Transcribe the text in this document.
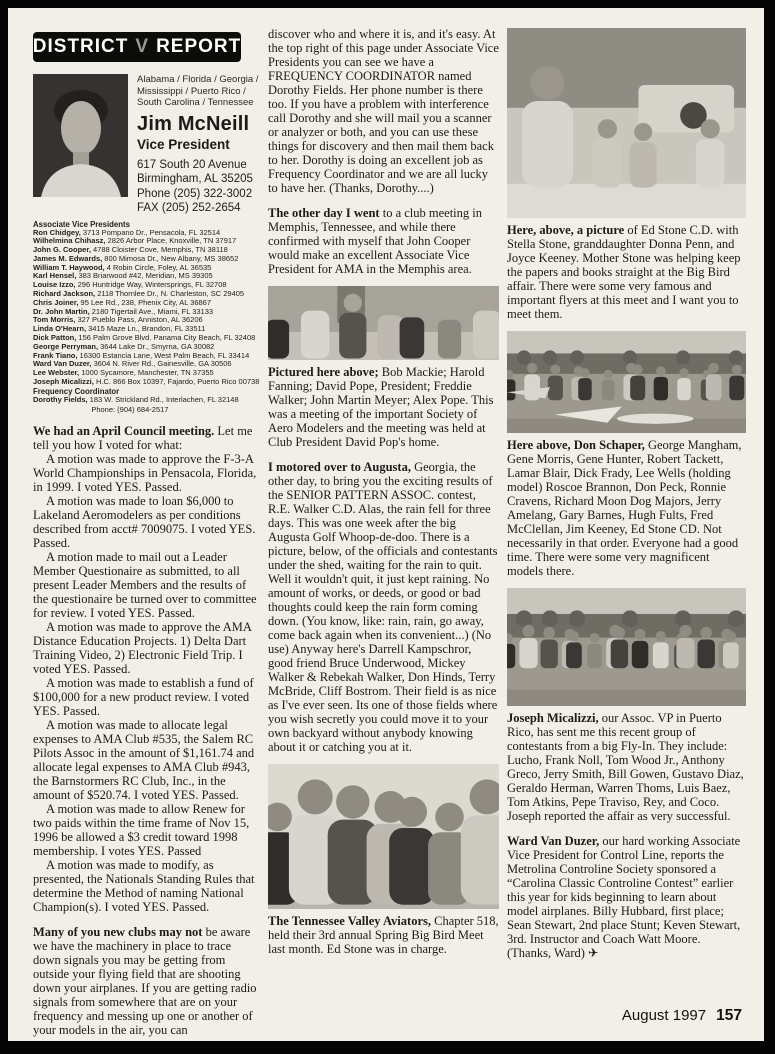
DISTRICT V REPORT
Alabama / Florida / Georgia / Mississippi / Puerto Rico / South Carolina / Tennessee
Jim McNeill
Vice President
617 South 20 Avenue
Birmingham, AL 35205
Phone (205) 322-3002
FAX (205) 252-2654
Associate Vice Presidents
Ron Chidgey, 3713 Pompano Dr., Pensacola, FL 32514
Wilhelmina Chihasz, 2826 Arbor Place, Knoxville, TN 37917
John G. Cooper, 4788 Cloister Cove, Memphis, TN 38118
James M. Edwards, 800 Mimosa Dr., New Albany, MS 38652
William T. Haywood, 4 Robin Circle, Foley, AL 36535
Karl Hensel, 383 Briarwood #42, Meridian, MS 39305
Louise Izzo, 296 Huntridge Way, Wintersprings, FL 32708
Richard Jackson, 2118 Thornlee Dr., N. Charleston, SC 29405
Chris Joiner, 95 Lee Rd., 238, Phenix City, AL 36867
Dr. John Martin, 2180 Tigertail Ave., Miami, FL 33133
Tom Morris, 327 Pueblo Pass, Anniston, AL 36206
Linda O'Hearn, 3415 Maze Ln., Brandon, FL 33511
Dick Patton, 156 Palm Grove Blvd. Panama City Beach, FL 32408
George Perryman, 3644 Lake Dr., Smyrna, GA 30082
Frank Tiano, 16300 Estancia Lane, West Palm Beach, FL 33414
Ward Van Duzer, 3604 N. River Rd., Gainesville, GA 30506
Lee Webster, 1000 Sycamore, Manchester, TN 37355
Joseph Micalizzi, H.C. 866 Box 10397, Fajardo, Puerto Rico 00738
Frequency Coordinator
Dorothy Fields, 183 W. Strickland Rd., Interlachen, FL 32148
Phone: (904) 684-2517

We had an April Council meeting. Let me tell you how I voted for what:

A motion was made to approve the F-3-A World Championships in Pensacola, Florida, in 1999. I voted YES. Passed.

A motion was made to loan $6,000 to Lakeland Aeromodelers as per conditions described from acct# 7009075. I voted YES. Passed.

A motion made to mail out a Leader Member Questionaire as submitted, to all present Leader Members and the results of the questionaire be turned over to committee for review. I voted YES. Passed.

A motion was made to approve the AMA Distance Education Projects. 1) Delta Dart Training Video, 2) Electronic Field Trip. I voted YES. Passed.

A motion was made to establish a fund of $100,000 for a new product review. I voted YES. Passed.

A motion was made to allocate legal expenses to AMA Club #535, the Salem RC Pilots Assoc in the amount of $1,161.74 and allocate legal expenses to AMA Club #943, the Barnstormers RC Club, Inc., in the amount of $520.74. I voted YES. Passed.

A motion was made to allow Renew for two paids within the time frame of Nov 15, 1996 be allowed a $3 credit toward 1998 membership. I votes YES. Passed

A motion was made to modify, as presented, the Nationals Standing Rules that determine the Method of naming National Champion(s). I voted YES. Passed.

Many of you new clubs may not be aware we have the machinery in place to trace down signals you may be getting from outside your flying field that are shooting down your airplanes. If you are getting radio signals from somewhere that are on your frequency and messing up one or another of your models in the air, you can

discover who and where it is, and it's easy. At the top right of this page under Associate Vice Presidents you can see we have a FREQUENCY COORDINATOR named Dorothy Fields. Her phone number is there too. If you have a problem with interference call Dorothy and she will mail you a scanner or analyzer or both, and you can use these things for discovery and then mail them back to her. Dorothy is doing an excellent job as Frequency Coordinator and we are all lucky to have her. (Thanks, Dorothy....)

The other day I went to a club meeting in Memphis, Tennessee, and while there confirmed with myself that John Cooper would make an excellent Associate Vice President for AMA in the Memphis area.

Pictured here above; Bob Mackie; Harold Fanning; David Pope, President; Freddie Walker; John Martin Meyer; Alex Pope. This was a meeting of the important Society of Aero Modelers and the meeting was held at Club President David Pop's home.

I motored over to Augusta, Georgia, the other day, to bring you the exciting results of the SENIOR PATTERN ASSOC. contest, R.E. Walker C.D. Alas, the rain fell for three days. This was one week after the big Augusta Golf Whoop-de-doo. There is a picture, below, of the officials and contestants under the shed, waiting for the rain to quit. Well it wouldn't quit, it just kept raining. No amount of works, or deeds, or good or bad thoughts could keep the rain form coming down. (You know, like: rain, rain, go away, come back again when its convenient...) (No use) Anyway here's Darrell Kampschror, good friend Bruce Underwood, Mickey Walker & Rebekah Walker, Don Hinds, Terry McBride, Cliff Bostrom. Their field is as nice as I've ever seen. Its one of those fields where you wish secretly you could move it to your own backyard without anybody knowing about it or catching you at it.

The Tennessee Valley Aviators, Chapter 518, held their 3rd annual Spring Big Bird Meet last month. Ed Stone was in charge.

Here, above, a picture of Ed Stone C.D. with Stella Stone, granddaughter Donna Penn, and Joyce Keeney. Mother Stone was helping keep the papers and books straight at the Big Bird affair. There were some very famous and important flyers at this meet and I want you to meet them.

Here above, Don Schaper, George Mangham, Gene Morris, Gene Hunter, Robert Tackett, Lamar Blair, Dick Frady, Lee Wells (holding model) Roscoe Brannon, Don Peck, Ronnie Cravens, Richard Moon Dog Majors, Jerry Amelang, Gary Barnes, Hugh Fults, Fred McClellan, Jim Keeney, Ed Stone CD. Not necessarily in that order. Everyone had a good time. There were some very magnificent models there.

Joseph Micalizzi, our Assoc. VP in Puerto Rico, has sent me this recent group of contestants from a big Fly-In. They include: Lucho, Frank Noll, Tom Wood Jr., Anthony Greco, Jerry Smith, Bill Gowen, Gustavo Diaz, Geraldo Herman, Warren Thoms, Luis Baez, Tom Atkins, Pepe Traviso, Rey, and Coco. Joseph reported the affair as very successful.

Ward Van Duzer, our hard working Associate Vice President for Control Line, reports the Metrolina Controline Society sponsored a “Carolina Classic Controline Contest” earlier this year for kids beginning to learn about model airplanes. Billy Hubbard, first place; Sean Stewart, 2nd place Stunt; Keven Stewart, 3rd. Instructor and Coach Watt Moore. (Thanks, Ward) ✈

August 1997 157
